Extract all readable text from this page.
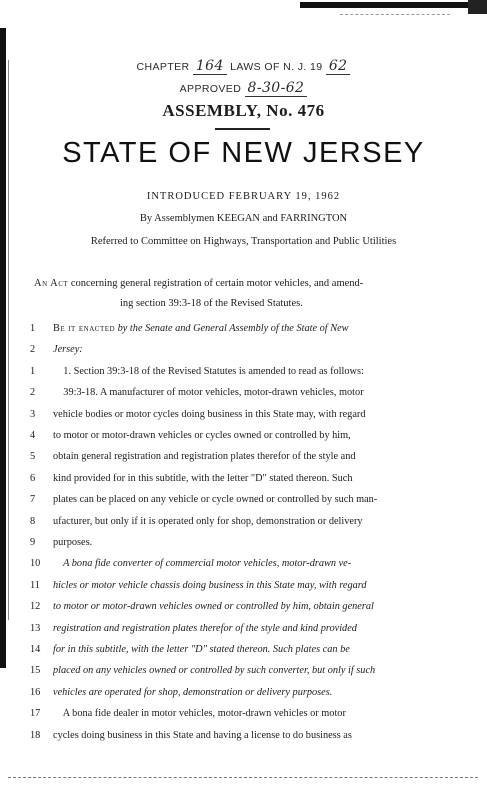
CHAPTER 164 LAWS OF N. J. 19 62
APPROVED 8-30-62
ASSEMBLY, No. 476
STATE OF NEW JERSEY
INTRODUCED FEBRUARY 19, 1962
By Assemblymen KEEGAN and FARRINGTON
Referred to Committee on Highways, Transportation and Public Utilities
An Act concerning general registration of certain motor vehicles, and amend-
ing section 39:3-18 of the Revised Statutes.
1	Be it enacted by the Senate and General Assembly of the State of New
2	Jersey:
1	1. Section 39:3-18 of the Revised Statutes is amended to read as follows:
2	39:3-18. A manufacturer of motor vehicles, motor-drawn vehicles, motor
3	vehicle bodies or motor cycles doing business in this State may, with regard
4	to motor or motor-drawn vehicles or cycles owned or controlled by him,
5	obtain general registration and registration plates therefor of the style and
6	kind provided for in this subtitle, with the letter "D" stated thereon. Such
7	plates can be placed on any vehicle or cycle owned or controlled by such man-
8	ufacturer, but only if it is operated only for shop, demonstration or delivery
9	purposes.
10	A bona fide converter of commercial motor vehicles, motor-drawn ve-
11	hicles or motor vehicle chassis doing business in this State may, with regard
12	to motor or motor-drawn vehicles owned or controlled by him, obtain general
13	registration and registration plates therefor of the style and kind provided
14	for in this subtitle, with the letter "D" stated thereon. Such plates can be
15	placed on any vehicles owned or controlled by such converter, but only if such
16	vehicles are operated for shop, demonstration or delivery purposes.
17	A bona fide dealer in motor vehicles, motor-drawn vehicles or motor
18	cycles doing business in this State and having a license to do business as
